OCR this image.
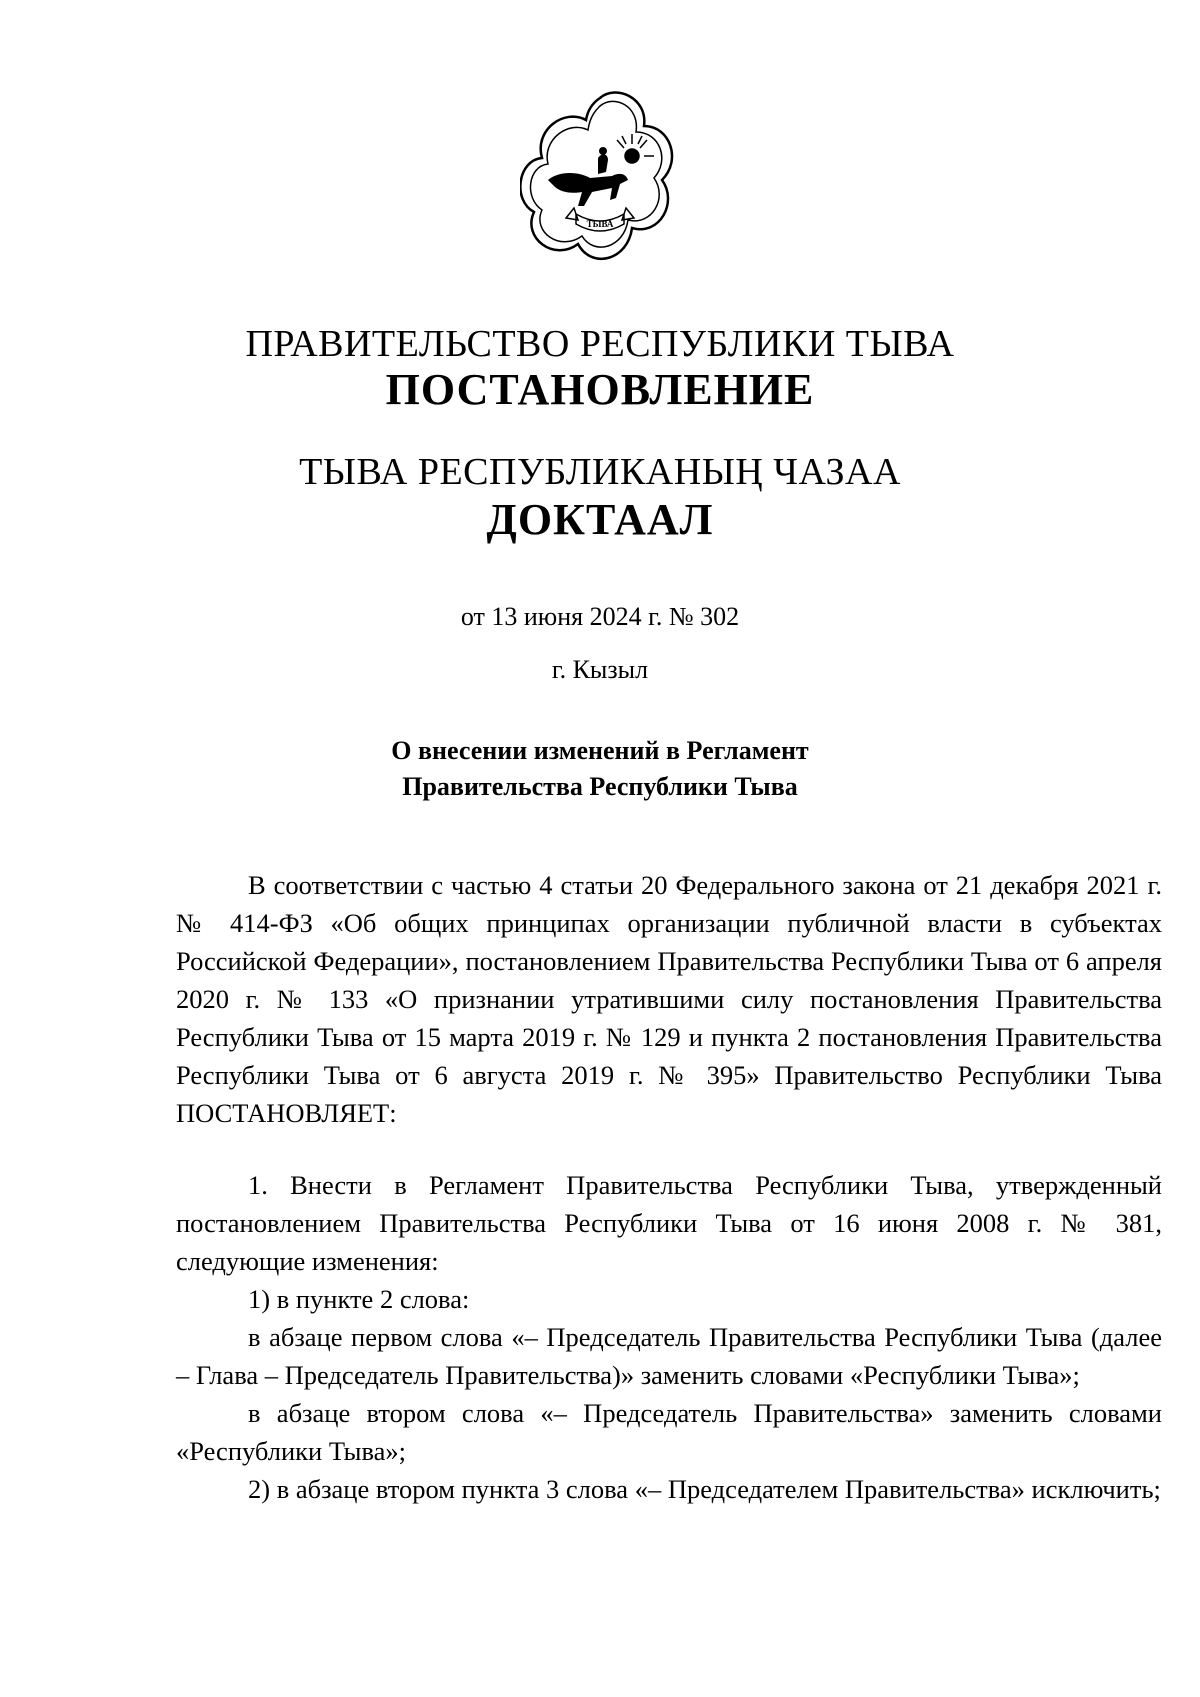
ТЫВА
ПРАВИТЕЛЬСТВО РЕСПУБЛИКИ ТЫВА
ПОСТАНОВЛЕНИЕ
ТЫВА РЕСПУБЛИКАНЫҢ ЧАЗАА
ДОКТААЛ
от 13 июня 2024 г. № 302
г. Кызыл
О внесении изменений в Регламент
Правительства Республики Тыва

В соответствии с частью 4 статьи 20 Федерального закона от 21 декабря 2021 г. № 414-ФЗ «Об общих принципах организации публичной власти в субъектах Российской Федерации», постановлением Правительства Республики Тыва от 6 апреля 2020 г. № 133 «О признании утратившими силу постановления Правительства Республики Тыва от 15 марта 2019 г. № 129 и пункта 2 постановления Правительства Республики Тыва от 6 августа 2019 г. № 395» Правительство Республики Тыва ПОСТАНОВЛЯЕТ:

1. Внести в Регламент Правительства Республики Тыва, утвержденный постановлением Правительства Республики Тыва от 16 июня 2008 г. № 381, следующие изменения:

1) в пункте 2 слова:

в абзаце первом слова «– Председатель Правительства Республики Тыва (далее – Глава – Председатель Правительства)» заменить словами «Республики Тыва»;

в абзаце втором слова «– Председатель Правительства» заменить словами «Республики Тыва»;

2) в абзаце втором пункта 3 слова «– Председателем Правительства» исключить;
